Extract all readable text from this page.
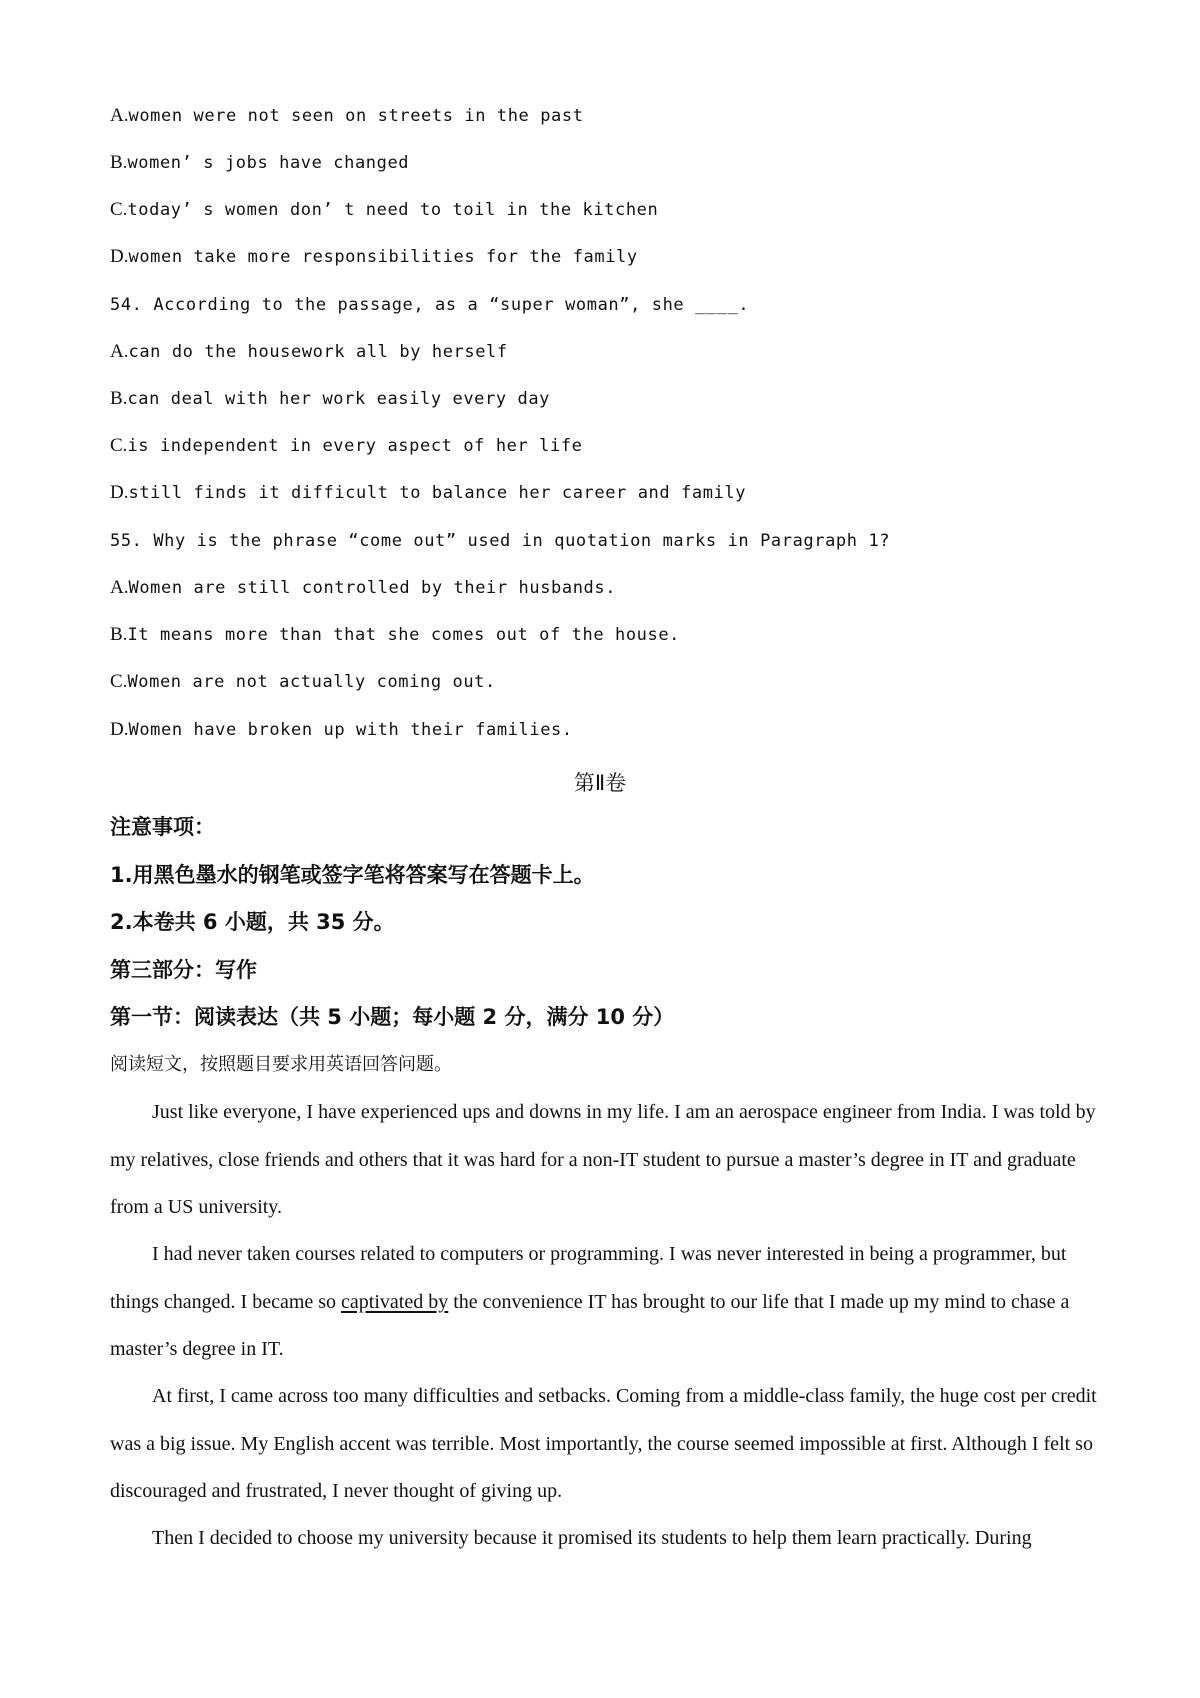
A.women were not seen on streets in the past
B.women’ s jobs have changed
C.today’ s women don’ t need to toil in the kitchen
D.women take more responsibilities for the family
54. According to the passage, as a “super woman”, she ____.
A.can do the housework all by herself
B.can deal with her work easily every day
C.is independent in every aspect of her life
D.still finds it difficult to balance her career and family
55. Why is the phrase “come out” used in quotation marks in Paragraph 1?
A.Women are still controlled by their husbands.
B.It means more than that she comes out of the house.
C.Women are not actually coming out.
D.Women have broken up with their families.
第Ⅱ卷
注意事项：
1.用黑色墨水的钢笔或签字笔将答案写在答题卡上。
2.本卷共 6 小题，共 35 分。
第三部分：写作
第一节：阅读表达（共 5 小题；每小题 2 分，满分 10 分）
阅读短文，按照题目要求用英语回答问题。

Just like everyone, I have experienced ups and downs in my life. I am an aerospace engineer from India. I was told by my relatives, close friends and others that it was hard for a non-IT student to pursue a master’s degree in IT and graduate from a US university.

I had never taken courses related to computers or programming. I was never interested in being a programmer, but things changed. I became so captivated by the convenience IT has brought to our life that I made up my mind to chase a master’s degree in IT.

At first, I came across too many difficulties and setbacks. Coming from a middle-class family, the huge cost per credit was a big issue. My English accent was terrible. Most importantly, the course seemed impossible at first. Although I felt so discouraged and frustrated, I never thought of giving up.

Then I decided to choose my university because it promised its students to help them learn practically. During
